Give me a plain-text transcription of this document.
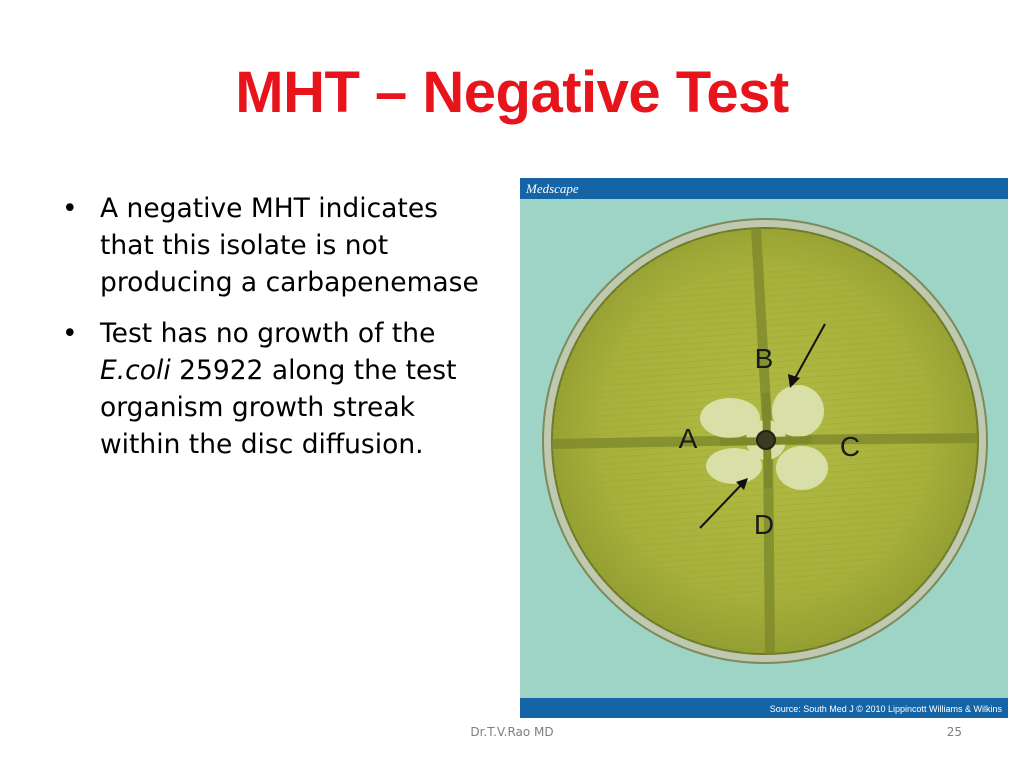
MHT – Negative Test
• A negative MHT indicates that this isolate is not producing a carbapenemase
• Test has no growth of the E.coli 25922 along the test organism growth streak within the disc diffusion.
Medscape
Source: South Med J © 2010 Lippincott Williams & Wilkins
B
A	C
D
Dr.T.V.Rao MD	25
